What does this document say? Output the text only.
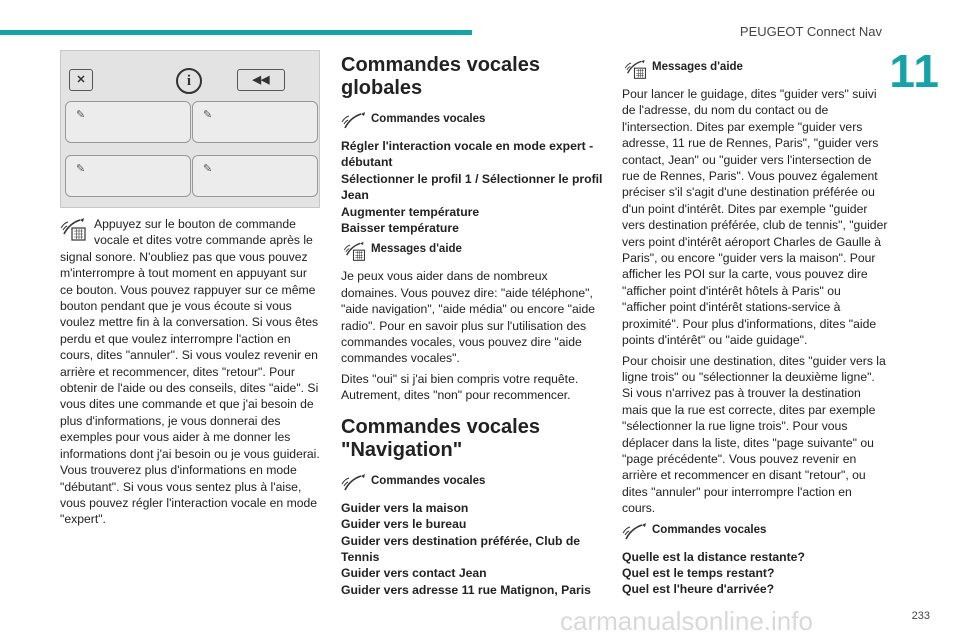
PEUGEOT Connect Nav
11
✕	i	◀◀
✎	✎
✎	✎
Appuyez sur le bouton de commande vocale et dites votre commande après le signal sonore. N'oubliez pas que vous pouvez m'interrompre à tout moment en appuyant sur ce bouton. Vous pouvez rappuyer sur ce même bouton pendant que je vous écoute si vous voulez mettre fin à la conversation. Si vous êtes perdu et que voulez interrompre l'action en cours, dites "annuler". Si vous voulez revenir en arrière et recommencer, dites "retour". Pour obtenir de l'aide ou des conseils, dites "aide". Si vous dites une commande et que j'ai besoin de plus d'informations, je vous donnerai des exemples pour vous aider à me donner les informations dont j'ai besoin ou je vous guiderai. Vous trouverez plus d'informations en mode "débutant". Si vous vous sentez plus à l'aise, vous pouvez régler l'interaction vocale en mode "expert".
Commandes vocales globales
Commandes vocales
Régler l'interaction vocale en mode expert - débutant
Sélectionner le profil 1 / Sélectionner le profil Jean
Augmenter température
Baisser température
Messages d'aide

Je peux vous aider dans de nombreux domaines. Vous pouvez dire: "aide téléphone", "aide navigation", "aide média" ou encore "aide radio". Pour en savoir plus sur l'utilisation des commandes vocales, vous pouvez dire "aide commandes vocales".

Dites "oui" si j'ai bien compris votre requête. Autrement, dites "non" pour recommencer.

Commandes vocales "Navigation"
Commandes vocales
Guider vers la maison
Guider vers le bureau
Guider vers destination préférée, Club de Tennis
Guider vers contact Jean
Guider vers adresse 11 rue Matignon, Paris
Messages d'aide

Pour lancer le guidage, dites "guider vers" suivi de l'adresse, du nom du contact ou de l'intersection. Dites par exemple "guider vers adresse, 11 rue de Rennes, Paris", "guider vers contact, Jean" ou "guider vers l'intersection de rue de Rennes, Paris". Vous pouvez également préciser s'il s'agit d'une destination préférée ou d'un point d'intérêt. Dites par exemple "guider vers destination préférée, club de tennis", "guider vers point d'intérêt aéroport Charles de Gaulle à Paris", ou encore "guider vers la maison". Pour afficher les POI sur la carte, vous pouvez dire "afficher point d'intérêt hôtels à Paris" ou "afficher point d'intérêt stations-service à proximité". Pour plus d'informations, dites "aide points d'intérêt" ou "aide guidage".

Pour choisir une destination, dites "guider vers la ligne trois" ou "sélectionner la deuxième ligne". Si vous n'arrivez pas à trouver la destination mais que la rue est correcte, dites par exemple "sélectionner la rue ligne trois". Pour vous déplacer dans la liste, dites "page suivante" ou "page précédente". Vous pouvez revenir en arrière et recommencer en disant "retour", ou dites "annuler" pour interrompre l'action en cours.

Commandes vocales
Quelle est la distance restante?
Quel est le temps restant?
Quel est l'heure d'arrivée?
carmanualsonline.info	233
